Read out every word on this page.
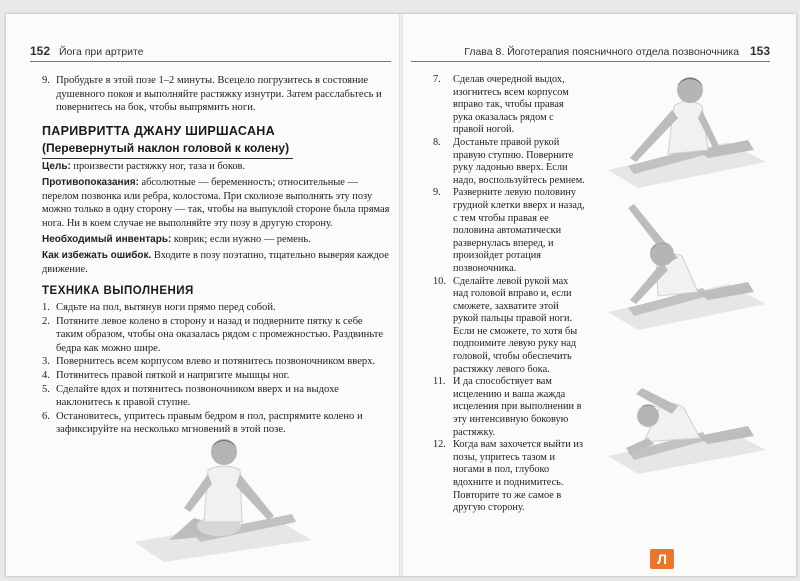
152 Йога при артрите
9. Пробудьте в этой позе 1–2 минуты. Всецело погрузитесь в состояние душевного покоя и выполняйте растяжку изнутри. Затем расслабьтесь и повернитесь на бок, чтобы выпрямить ноги.
ПАРИВРИТТА ДЖАНУ ШИРШАСАНА
(Перевернутый наклон головой к колену)
Цель: произвести растяжку ног, таза и боков.
Противопоказания: абсолютные — беременность; относительные — перелом позвонка или ребра, колостома. При сколиозе выполнять эту позу можно только в одну сторону — так, чтобы на выпуклой стороне была прямая нога. Ни в коем случае не выполняйте эту позу в другую сторону.
Необходимый инвентарь: коврик; если нужно — ремень.
Как избежать ошибок. Входите в позу поэтапно, тщательно выверяя каждое движение.
ТЕХНИКА ВЫПОЛНЕНИЯ
1. Сядьте на пол, вытянув ноги прямо перед собой.
2. Потяните левое колено в сторону и назад и подверните пятку к себе таким образом, чтобы она оказалась рядом с промежностью. Раздвиньте бедра как можно шире.
3. Повернитесь всем корпусом влево и потянитесь позвоночником вверх.
4. Потянитесь правой пяткой и напрягите мышцы ног.
5. Сделайте вдох и потянитесь позвоночником вверх и на выдохе наклонитесь к правой ступне.
6. Остановитесь, упритесь правым бедром в пол, распрямите колено и зафиксируйте на несколько мгновений в этой позе.
Глава 8. Йоготерапия поясничного отдела позвоночника 153
7. Сделав очередной выдох, изогнитесь всем корпусом вправо так, чтобы правая рука оказалась рядом с правой ногой.
8. Достаньте правой рукой правую ступню. Поверните руку ладонью вверх. Если надо, воспользуйтесь ремнем.
9. Разверните левую половину грудной клетки вверх и назад, с тем чтобы правая ее половина автоматически развернулась вперед, и произойдет ротация позвоночника.
10. Сделайте левой рукой мах над головой вправо и, если сможете, захватите этой рукой пальцы правой ноги. Если не сможете, то хотя бы подпоимите левую руку над головой, чтобы обеспечить растяжку левого бока.
11. И да способствует вам исцелению и ваша жажда исцеления при выполнении в эту интенсивную боковую растяжку.
12. Когда вам захочется выйти из позы, упритесь тазом и ногами в пол, глубоко вдохните и поднимитесь. Повторите то же самое в другую сторону.
Л
